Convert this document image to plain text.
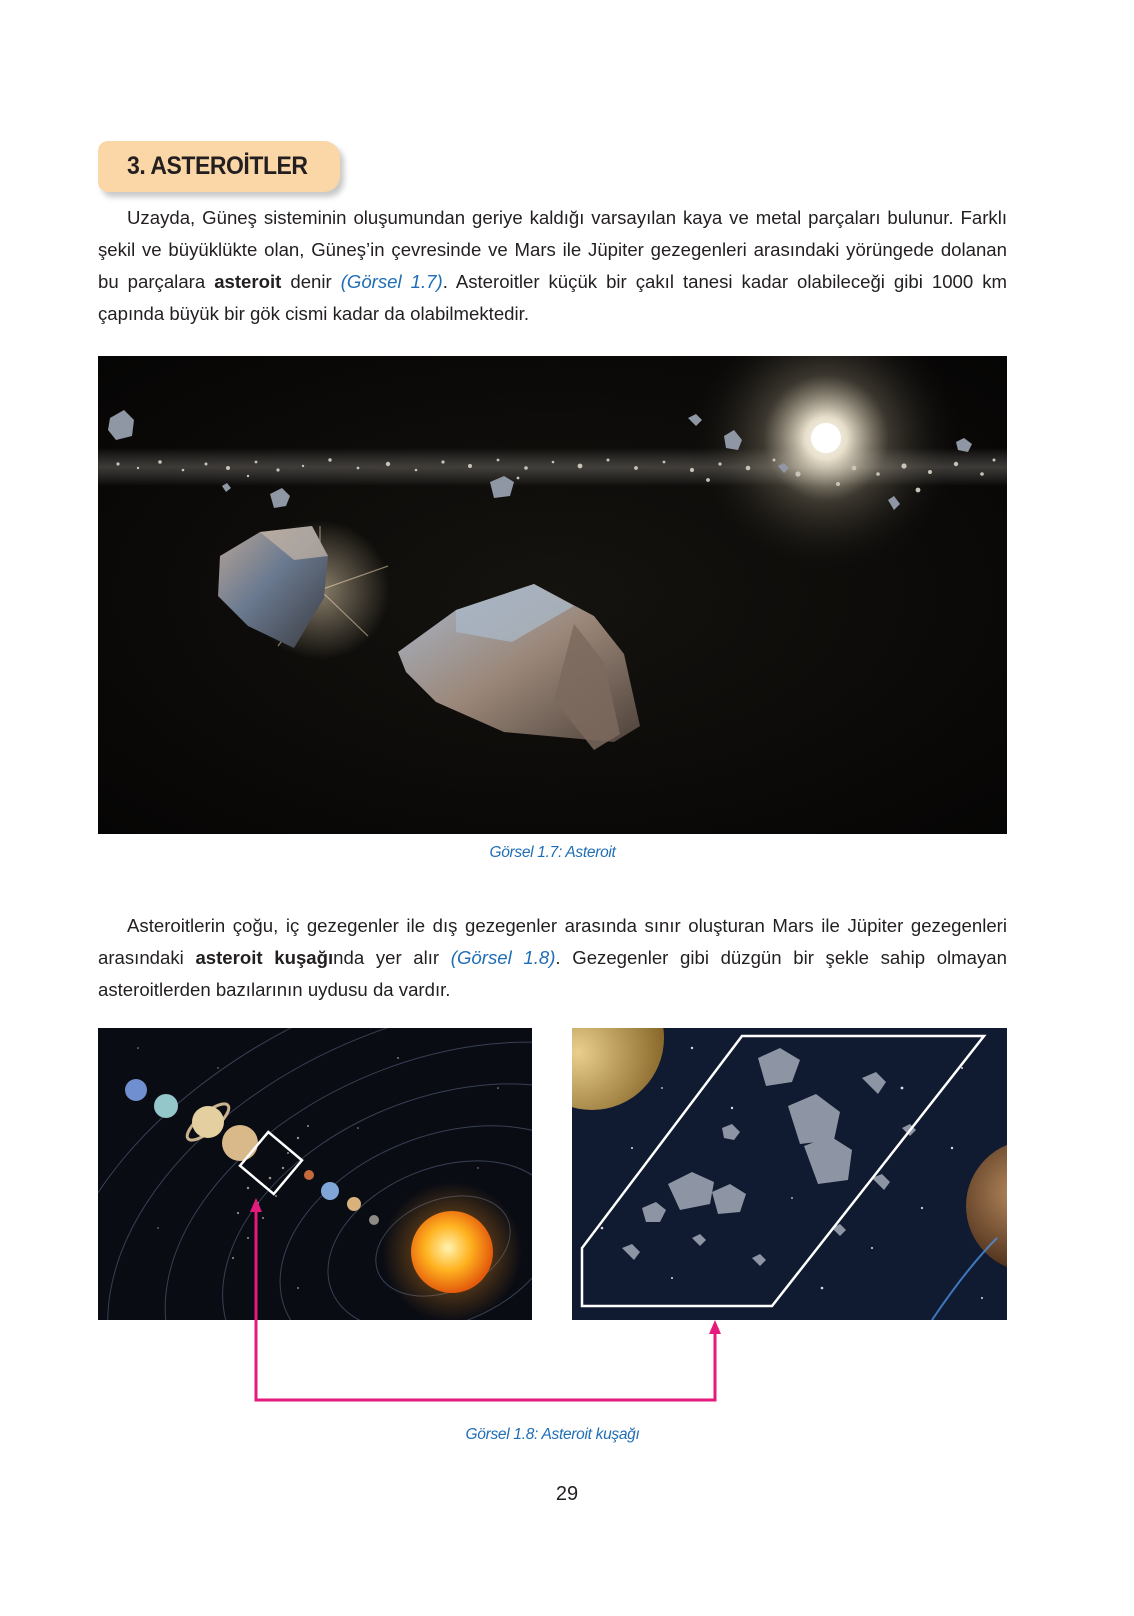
3. ASTEROİTLER

Uzayda, Güneş sisteminin oluşumundan geriye kaldığı varsayılan kaya ve metal parçaları bulunur. Farklı şekil ve büyüklükte olan, Güneş’in çevresinde ve Mars ile Jüpiter gezegenleri arasındaki yörüngede dolanan bu parçalara asteroit denir (Görsel 1.7). Asteroitler küçük bir çakıl tanesi kadar olabileceği gibi 1000 km çapında büyük bir gök cismi kadar da olabilmektedir.

Görsel 1.7: Asteroit

Asteroitlerin çoğu, iç gezegenler ile dış gezegenler arasında sınır oluşturan Mars ile Jüpiter gezegenleri arasındaki asteroit kuşağında yer alır (Görsel 1.8). Gezegenler gibi düzgün bir şekle sahip olmayan asteroitlerden bazılarının uydusu da vardır.

Görsel 1.8: Asteroit kuşağı
29
